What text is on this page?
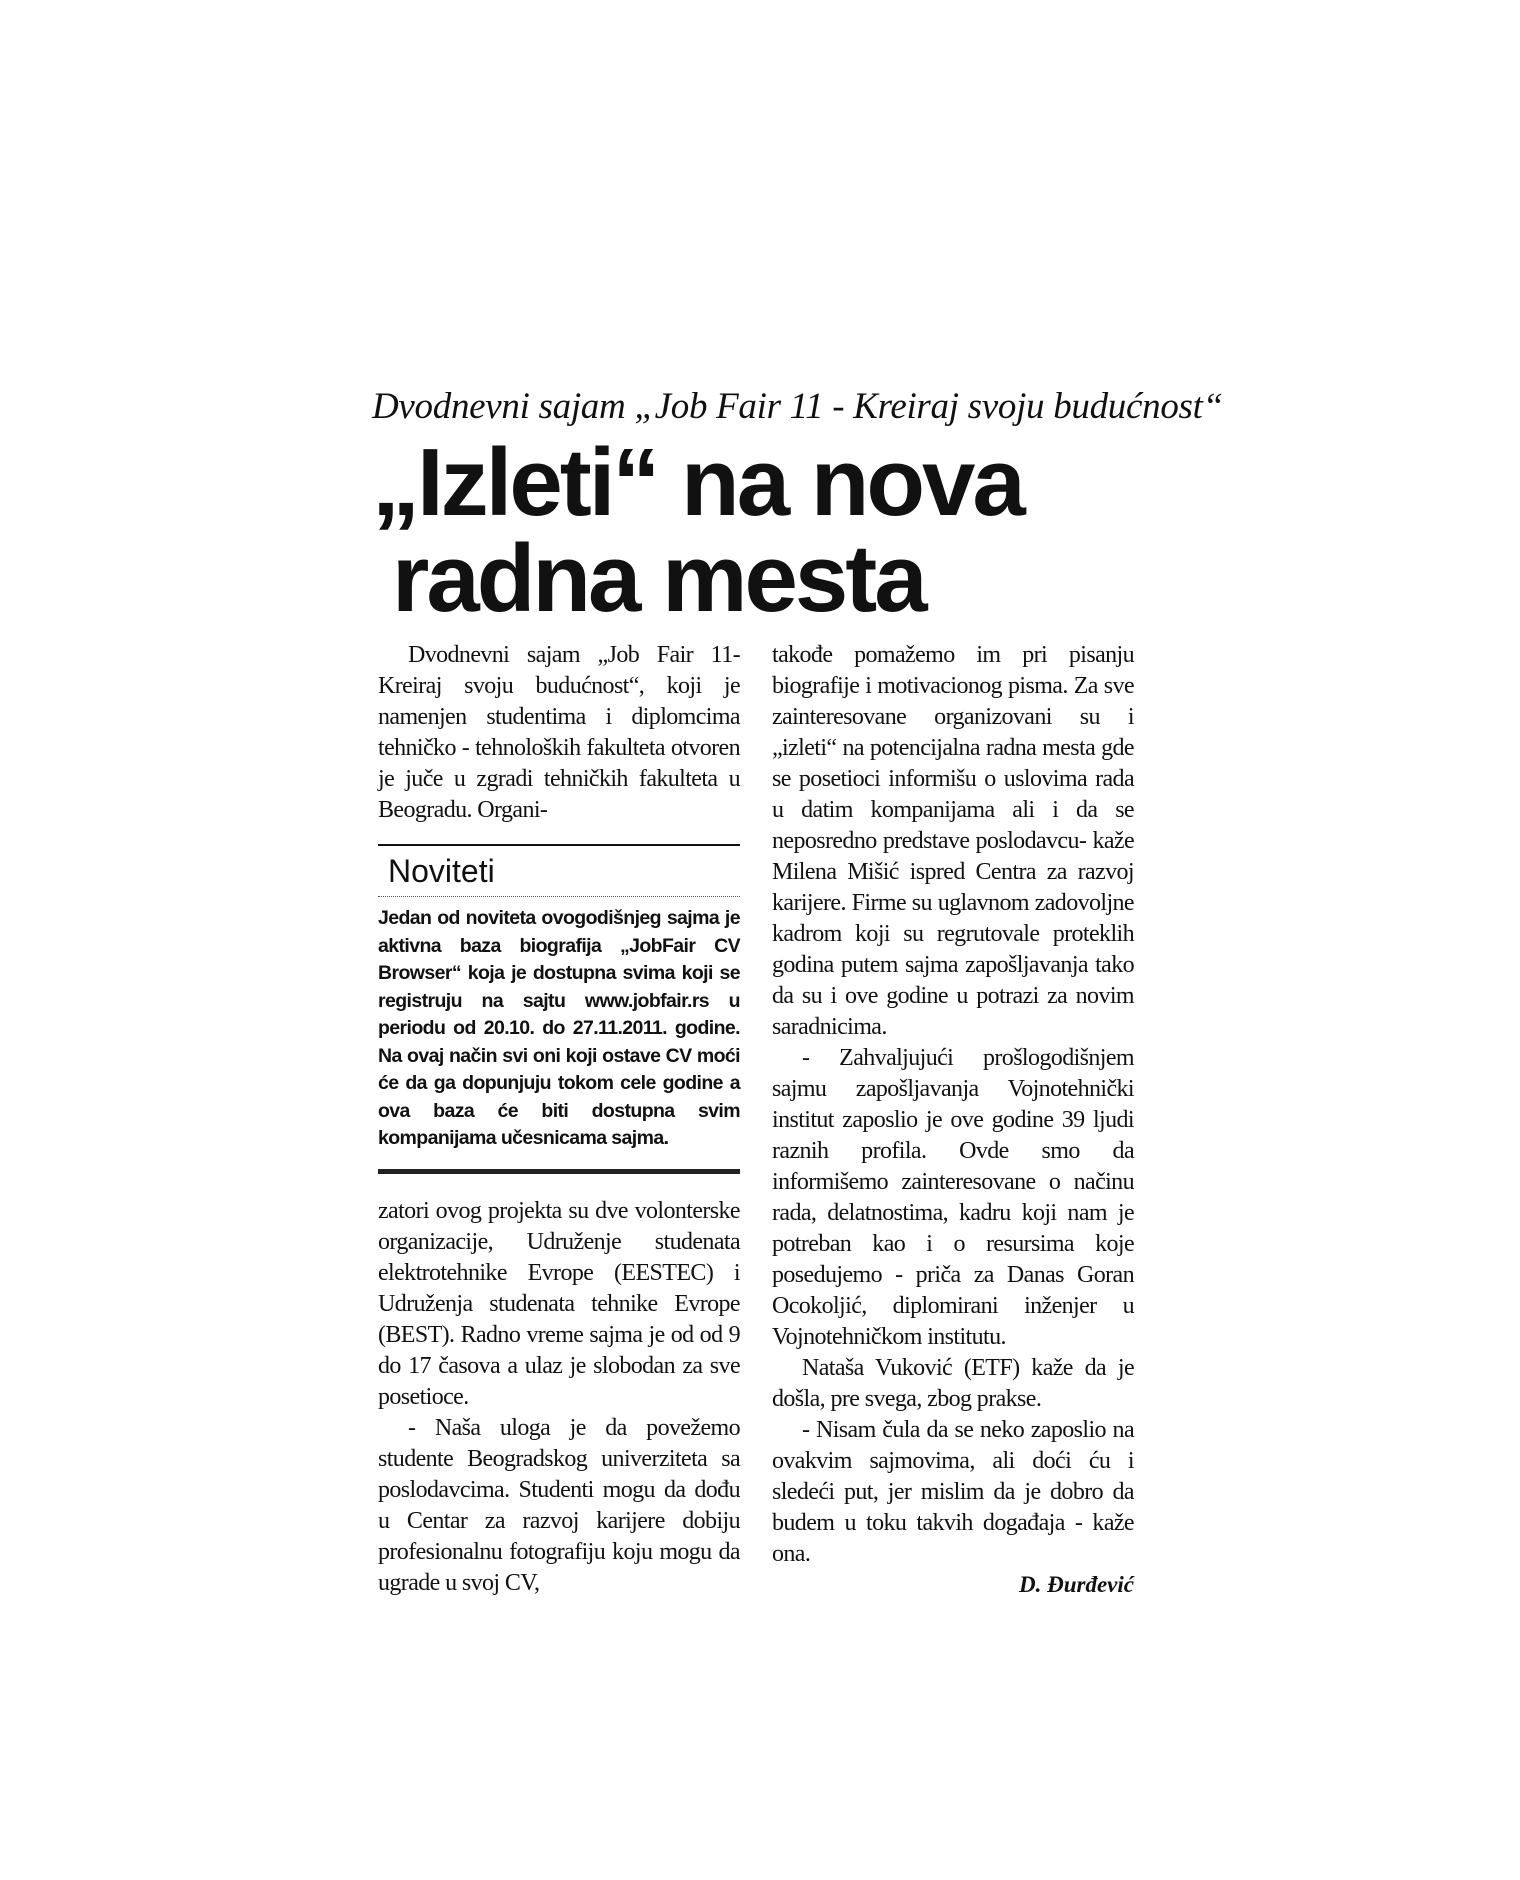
Dvodnevni sajam „Job Fair 11 - Kreiraj svoju budućnost“

„Izleti“ na nova
radna mesta

Dvodnevni sajam „Job Fair 11- Kreiraj svoju budućnost“, koji je namenjen studentima i diplomcima tehničko - tehnoloških fakulteta otvoren je juče u zgradi tehničkih fakulteta u Beogradu. Organi-

Noviteti

Jedan od noviteta ovogodišnjeg sajma je aktivna baza biografija „JobFair CV Browser“ koja je dostupna svima koji se registruju na sajtu www.jobfair.rs u periodu od 20.10. do 27.11.2011. godine. Na ovaj način svi oni koji ostave CV moći će da ga dopunjuju tokom cele godine a ova baza će biti dostupna svim kompanijama učesnicama sajma.

zatori ovog projekta su dve volonterske organizacije, Udruženje studenata elektrotehnike Evrope (EESTEC) i Udruženja studenata tehnike Evrope (BEST). Radno vreme sajma je od od 9 do 17 časova a ulaz je slobodan za sve posetioce.

- Naša uloga je da povežemo studente Beogradskog univerziteta sa poslodavcima. Studenti mogu da dođu u Centar za razvoj karijere dobiju profesionalnu fotografiju koju mogu da ugrade u svoj CV,

takođe pomažemo im pri pisanju biografije i motivacionog pisma. Za sve zainteresovane organizovani su i „izleti“ na potencijalna radna mesta gde se posetioci informišu o uslovima rada u datim kompanijama ali i da se neposredno predstave poslodavcu- kaže Milena Mišić ispred Centra za razvoj karijere. Firme su uglavnom zadovoljne kadrom koji su regrutovale proteklih godina putem sajma zapošljavanja tako da su i ove godine u potrazi za novim saradnicima.

- Zahvaljujući prošlogodišnjem sajmu zapošljavanja Vojnotehnički institut zaposlio je ove godine 39 ljudi raznih profila. Ovde smo da informišemo zainteresovane o načinu rada, delatnostima, kadru koji nam je potreban kao i o resursima koje posedujemo - priča za Danas Goran Ocokoljić, diplomirani inženjer u Vojnotehničkom institutu.

Nataša Vuković (ETF) kaže da je došla, pre svega, zbog prakse.

- Nisam čula da se neko zaposlio na ovakvim sajmovima, ali doći ću i sledeći put, jer mislim da je dobro da budem u toku takvih događaja - kaže ona.

D. Đurđević
